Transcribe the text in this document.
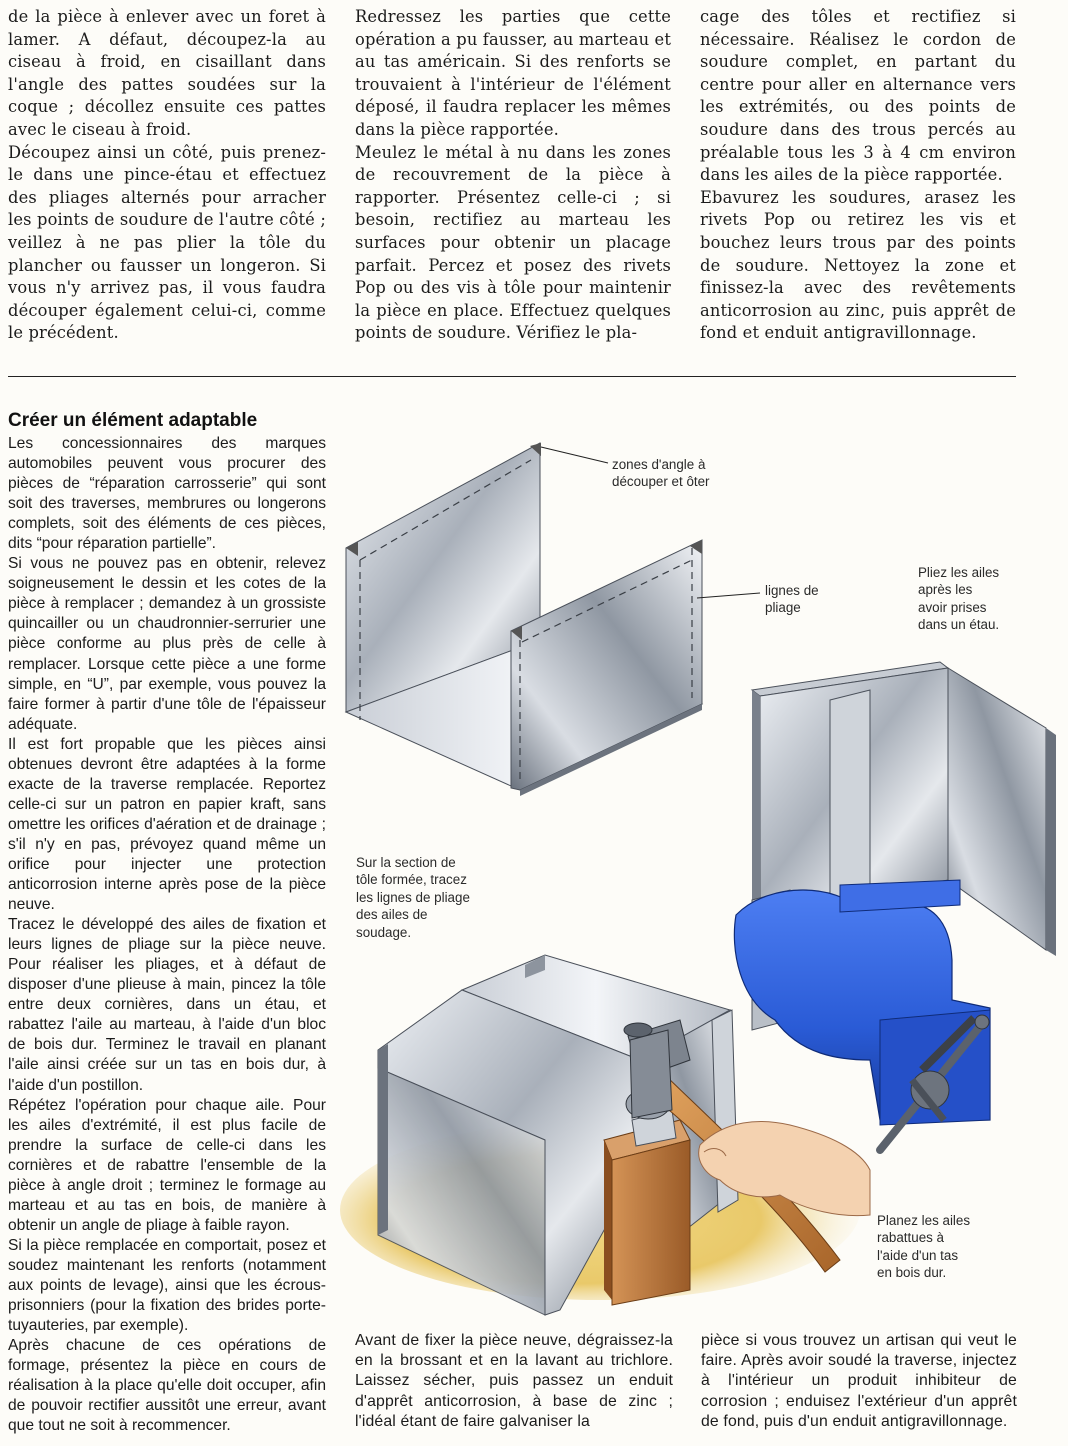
de la pièce à enlever avec un foret à lamer. A défaut, découpez-la au ciseau à froid, en cisaillant dans l'angle des pattes soudées sur la coque ; décollez ensuite ces pattes avec le ciseau à froid.

Découpez ainsi un côté, puis prenez-le dans une pince-étau et effectuez des pliages alternés pour arracher les points de soudure de l'autre côté ; veillez à ne pas plier la tôle du plancher ou fausser un longeron. Si vous n'y arrivez pas, il vous faudra découper également celui-ci, comme le précédent.

Redressez les parties que cette opération a pu fausser, au marteau et au tas américain. Si des renforts se trouvaient à l'intérieur de l'élément déposé, il faudra replacer les mêmes dans la pièce rapportée.

Meulez le métal à nu dans les zones de recouvrement de la pièce à rapporter. Présentez celle-ci ; si besoin, rectifiez au marteau les surfaces pour obtenir un placage parfait. Percez et posez des rivets Pop ou des vis à tôle pour maintenir la pièce en place. Effectuez quelques points de soudure. Vérifiez le pla-

cage des tôles et rectifiez si nécessaire. Réalisez le cordon de soudure complet, en partant du centre pour aller en alternance vers les extrémités, ou des points de soudure dans des trous percés au préalable tous les 3 à 4 cm environ dans les ailes de la pièce rapportée.

Ebavurez les soudures, arasez les rivets Pop ou retirez les vis et bouchez leurs trous par des points de soudure. Nettoyez la zone et finissez-la avec des revêtements anticorrosion au zinc, puis apprêt de fond et enduit antigravillonnage.

Créer un élément adaptable

Les concessionnaires des marques automobiles peuvent vous procurer des pièces de “réparation carrosserie” qui sont soit des traverses, membrures ou longerons complets, soit des éléments de ces pièces, dits “pour réparation partielle”.

Si vous ne pouvez pas en obtenir, relevez soigneusement le dessin et les cotes de la pièce à remplacer ; demandez à un grossiste quincailler ou un chaudronnier-serrurier une pièce conforme au plus près de celle à remplacer. Lorsque cette pièce a une forme simple, en “U”, par exemple, vous pouvez la faire former à partir d'une tôle de l'épaisseur adéquate.

Il est fort propable que les pièces ainsi obtenues devront être adaptées à la forme exacte de la traverse remplacée. Reportez celle-ci sur un patron en papier kraft, sans omettre les orifices d'aération et de drainage ; s'il n'y en pas, prévoyez quand même un orifice pour injecter une protection anticorrosion interne après pose de la pièce neuve.

Tracez le développé des ailes de fixation et leurs lignes de pliage sur la pièce neuve. Pour réaliser les pliages, et à défaut de disposer d'une plieuse à main, pincez la tôle entre deux cornières, dans un étau, et rabattez l'aile au marteau, à l'aide d'un bloc de bois dur. Terminez le travail en planant l'aile ainsi créée sur un tas en bois dur, à l'aide d'un postillon.

Répétez l'opération pour chaque aile. Pour les ailes d'extrémité, il est plus facile de prendre la surface de celle-ci dans les cornières et de rabattre l'ensemble de la pièce à angle droit ; terminez le formage au marteau et au tas en bois, de manière à obtenir un angle de pliage à faible rayon.

Si la pièce remplacée en comportait, posez et soudez maintenant les renforts (notamment aux points de levage), ainsi que les écrous-prisonniers (pour la fixation des brides porte-tuyauteries, par exemple).

Après chacune de ces opérations de formage, présentez la pièce en cours de réalisation à la place qu'elle doit occuper, afin de pouvoir rectifier aussitôt une erreur, avant que tout ne soit à recommencer.

zones d'angle à
découper et ôter
lignes de
pliage
Pliez les ailes
après les
avoir prises
dans un étau.
Sur la section de
tôle formée, tracez
les lignes de pliage
des ailes de
soudage.
Planez les ailes
rabattues à
l'aide d'un tas
en bois dur.

Avant de fixer la pièce neuve, dégraissez-la en la brossant et en la lavant au trichlore. Laissez sécher, puis passez un enduit d'apprêt anticorrosion, à base de zinc ; l'idéal étant de faire galvaniser la

pièce si vous trouvez un artisan qui veut le faire. Après avoir soudé la traverse, injectez à l'intérieur un produit inhibiteur de corrosion ; enduisez l'extérieur d'un apprêt de fond, puis d'un enduit antigravillonnage.
